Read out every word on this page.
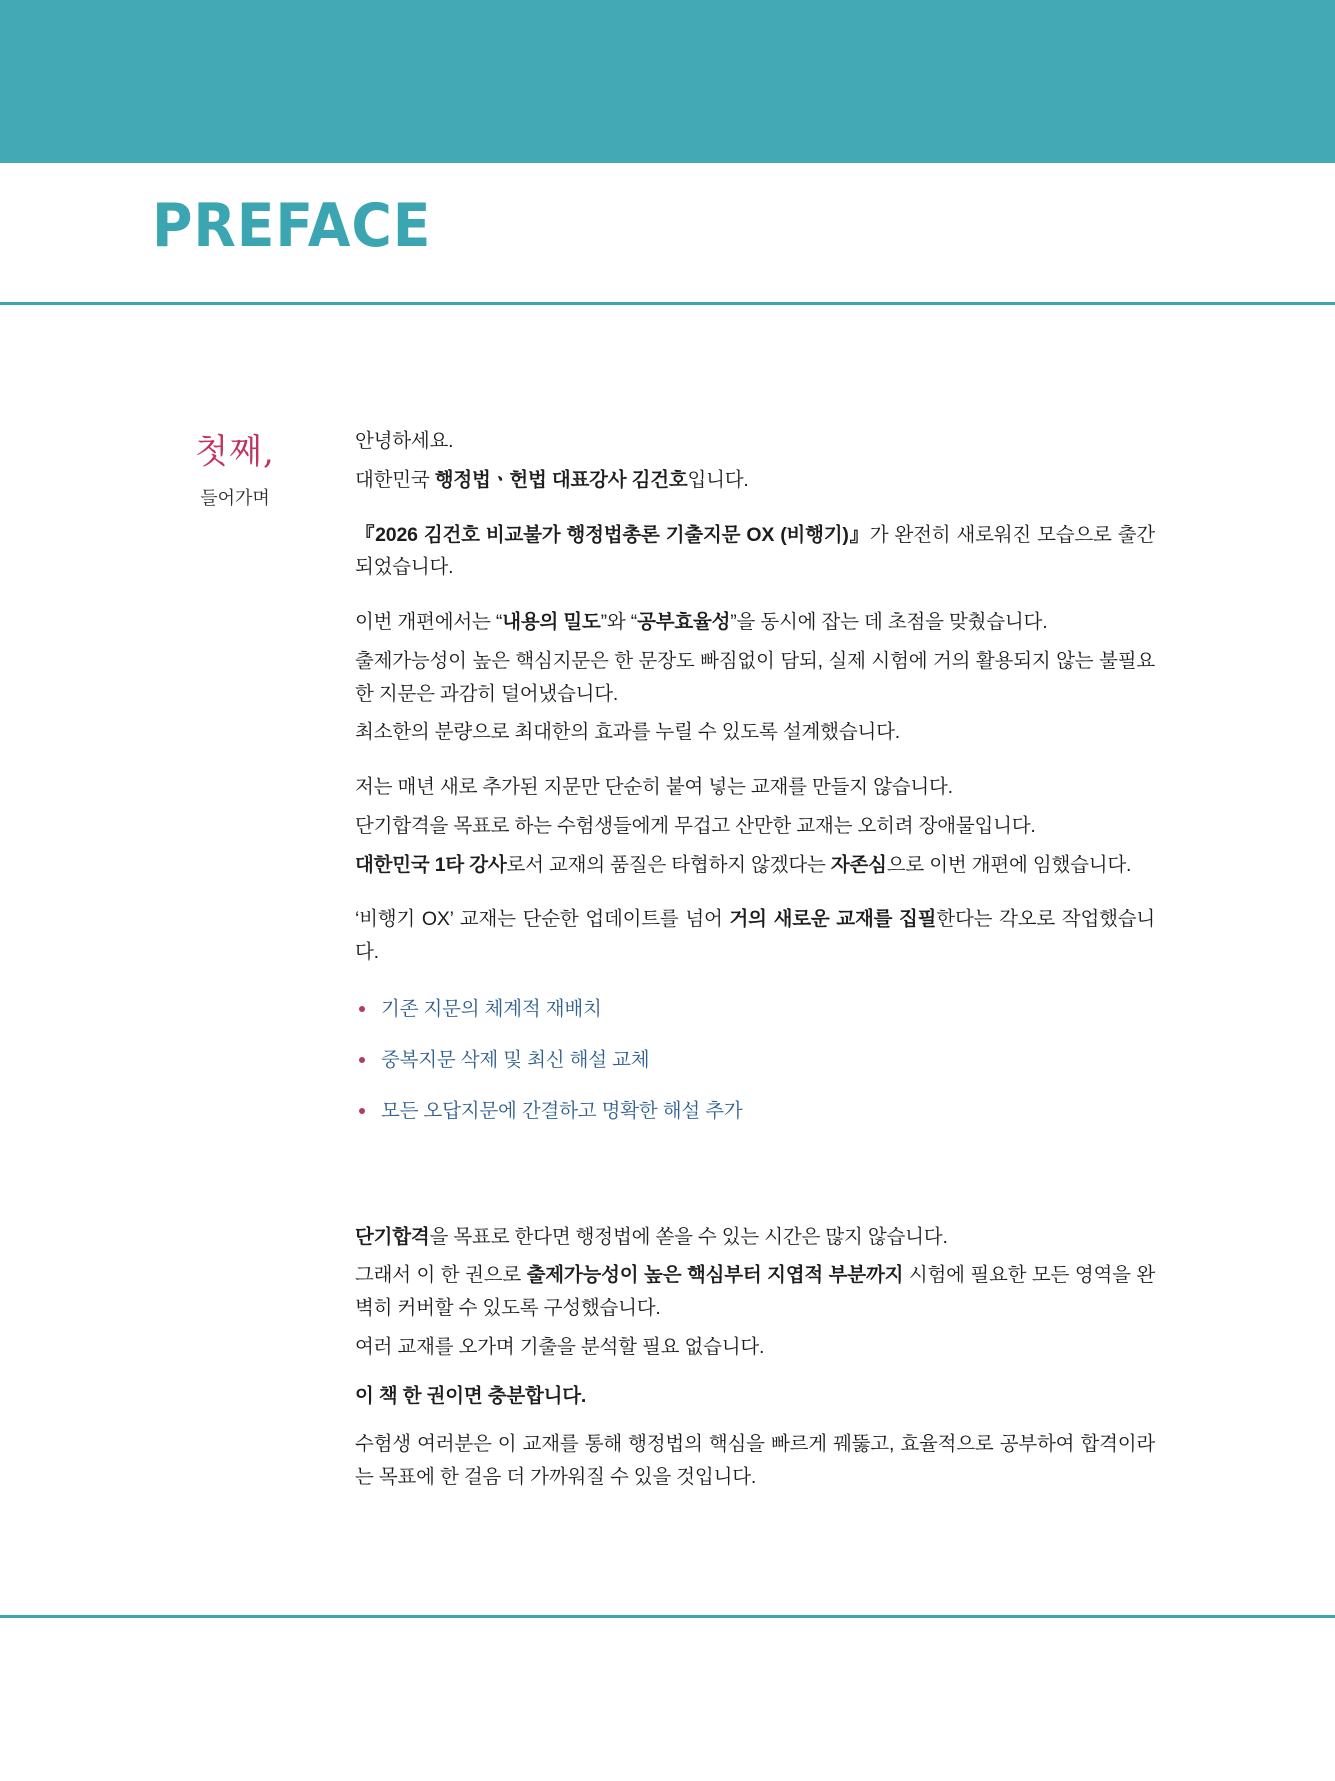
PREFACE

첫째,

들어가며

안녕하세요.

대한민국 행정법ㆍ헌법 대표강사 김건호입니다.

『2026 김건호 비교불가 행정법총론 기출지문 OX (비행기)』가 완전히 새로워진 모습으로 출간되었습니다.

이번 개편에서는 “내용의 밀도”와 “공부효율성”을 동시에 잡는 데 초점을 맞췄습니다.

출제가능성이 높은 핵심지문은 한 문장도 빠짐없이 담되, 실제 시험에 거의 활용되지 않는 불필요한 지문은 과감히 덜어냈습니다.

최소한의 분량으로 최대한의 효과를 누릴 수 있도록 설계했습니다.

저는 매년 새로 추가된 지문만 단순히 붙여 넣는 교재를 만들지 않습니다.

단기합격을 목표로 하는 수험생들에게 무겁고 산만한 교재는 오히려 장애물입니다.

대한민국 1타 강사로서 교재의 품질은 타협하지 않겠다는 자존심으로 이번 개편에 임했습니다.

‘비행기 OX’ 교재는 단순한 업데이트를 넘어 거의 새로운 교재를 집필한다는 각오로 작업했습니다.

기존 지문의 체계적 재배치
중복지문 삭제 및 최신 해설 교체
모든 오답지문에 간결하고 명확한 해설 추가

단기합격을 목표로 한다면 행정법에 쏟을 수 있는 시간은 많지 않습니다.

그래서 이 한 권으로 출제가능성이 높은 핵심부터 지엽적 부분까지 시험에 필요한 모든 영역을 완벽히 커버할 수 있도록 구성했습니다.

여러 교재를 오가며 기출을 분석할 필요 없습니다.

이 책 한 권이면 충분합니다.

수험생 여러분은 이 교재를 통해 행정법의 핵심을 빠르게 꿰뚫고, 효율적으로 공부하여 합격이라는 목표에 한 걸음 더 가까워질 수 있을 것입니다.
